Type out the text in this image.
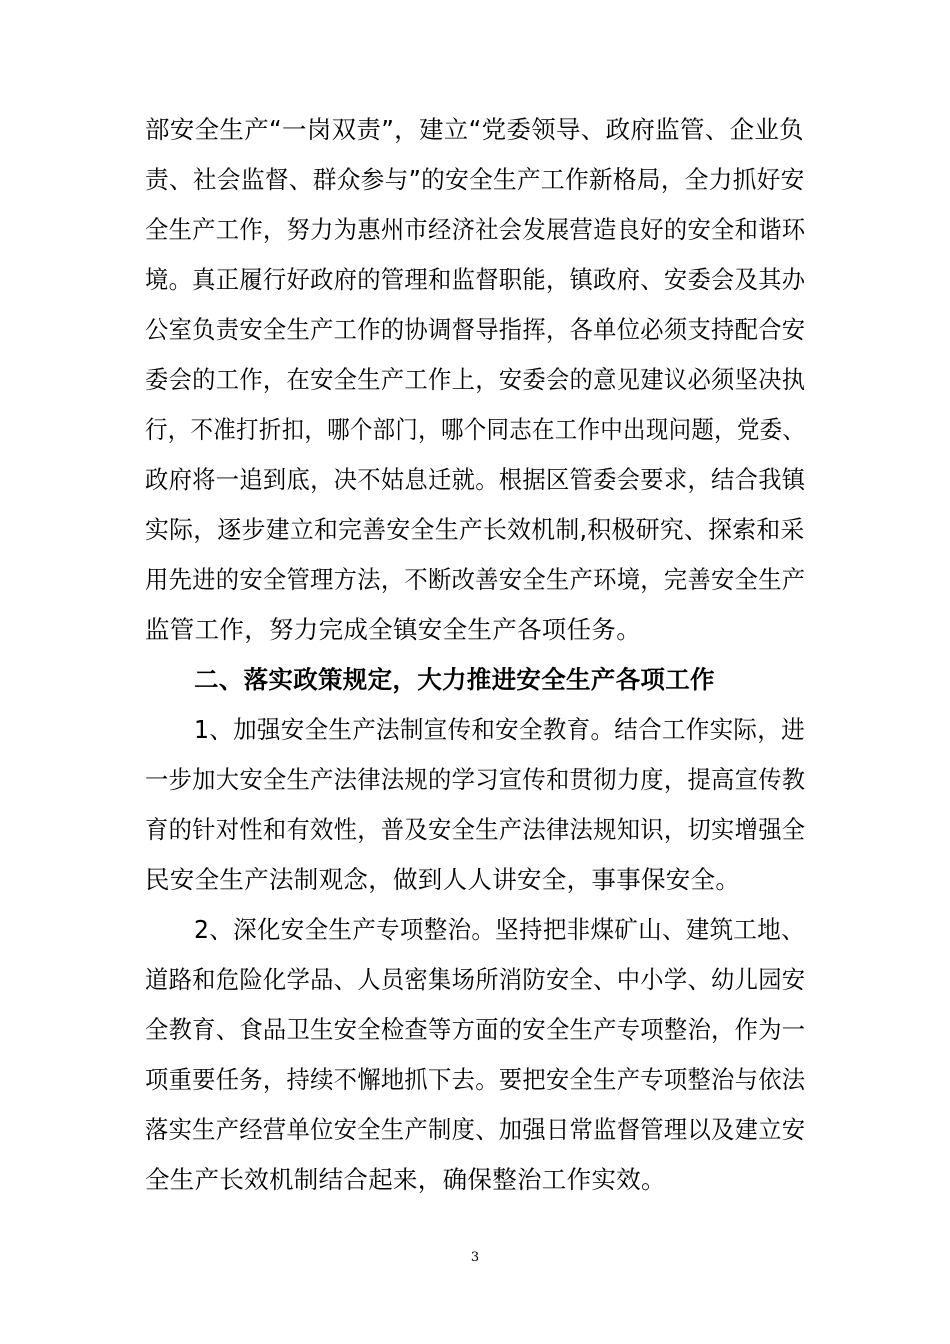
部安全生产“一岗双责”，建立“党委领导、政府监管、企业负
责、社会监督、群众参与”的安全生产工作新格局，全力抓好安
全生产工作，努力为惠州市经济社会发展营造良好的安全和谐环
境。真正履行好政府的管理和监督职能，镇政府、安委会及其办
公室负责安全生产工作的协调督导指挥，各单位必须支持配合安
委会的工作，在安全生产工作上，安委会的意见建议必须坚决执
行，不准打折扣，哪个部门，哪个同志在工作中出现问题，党委、
政府将一追到底，决不姑息迁就。根据区管委会要求，结合我镇
实际，逐步建立和完善安全生产长效机制,积极研究、探索和采
用先进的安全管理方法，不断改善安全生产环境，完善安全生产
监管工作，努力完成全镇安全生产各项任务。
二、落实政策规定，大力推进安全生产各项工作
1、加强安全生产法制宣传和安全教育。结合工作实际，进
一步加大安全生产法律法规的学习宣传和贯彻力度，提高宣传教
育的针对性和有效性，普及安全生产法律法规知识，切实增强全
民安全生产法制观念，做到人人讲安全，事事保安全。
2、深化安全生产专项整治。坚持把非煤矿山、建筑工地、
道路和危险化学品、人员密集场所消防安全、中小学、幼儿园安
全教育、食品卫生安全检查等方面的安全生产专项整治，作为一
项重要任务，持续不懈地抓下去。要把安全生产专项整治与依法
落实生产经营单位安全生产制度、加强日常监督管理以及建立安
全生产长效机制结合起来，确保整治工作实效。
3
